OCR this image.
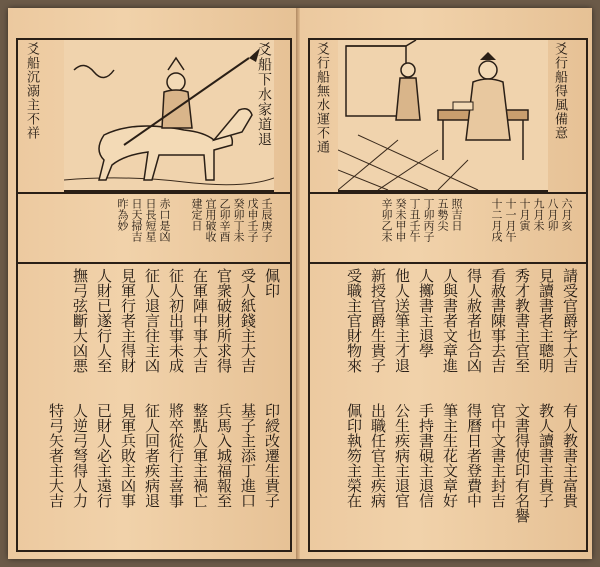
爻船下水家道退
爻船沉溺主不祥
壬辰庚子
戊申壬子
癸卯丁未
乙卯辛酉
宜用破收
建定日
赤口是凶
日長短星
日天掃吉
昨為妙
佩印
受人紙錢主大吉
官衆破財所求得
在軍陣中事大吉
征人初出事未成
征人退言往主凶
見軍行者主得財
人財已遂行人至
撫弓弦斷大凶悪
印綬改遷生貴子
基子主添丁進口
兵馬入城福報至
整點人軍主禍亡
將卒從行主喜事
征人回者疾病退
見軍兵敗主凶事
已財人必主遠行
人逆弓弩得人力
特弓矢者主大吉
爻行船得風備意
爻行船無水運不通
六月亥
八月卯
九月未
十月寅
十一月午
十二月戌
照吉日
五勢尖
丁卯丙子
丁丑壬午
癸未甲申
辛卯乙未
請受官爵字大吉
見讀書者主聰明
秀才教書主官至
看赦書陳事去吉
得人赦者也合凶
人與書者文章進
人擲書主退學
他人送筆主才退
新授官爵生貴子
受職主官財物來
有人教書主富貴
教人讀書主貴子
文書得使印有名譽
官中文書主封吉
得曆日者登費中
筆主生花文章好
手持書硯主退信
公生疾病主退官
出職任官主疾病
佩印執笏主榮在
